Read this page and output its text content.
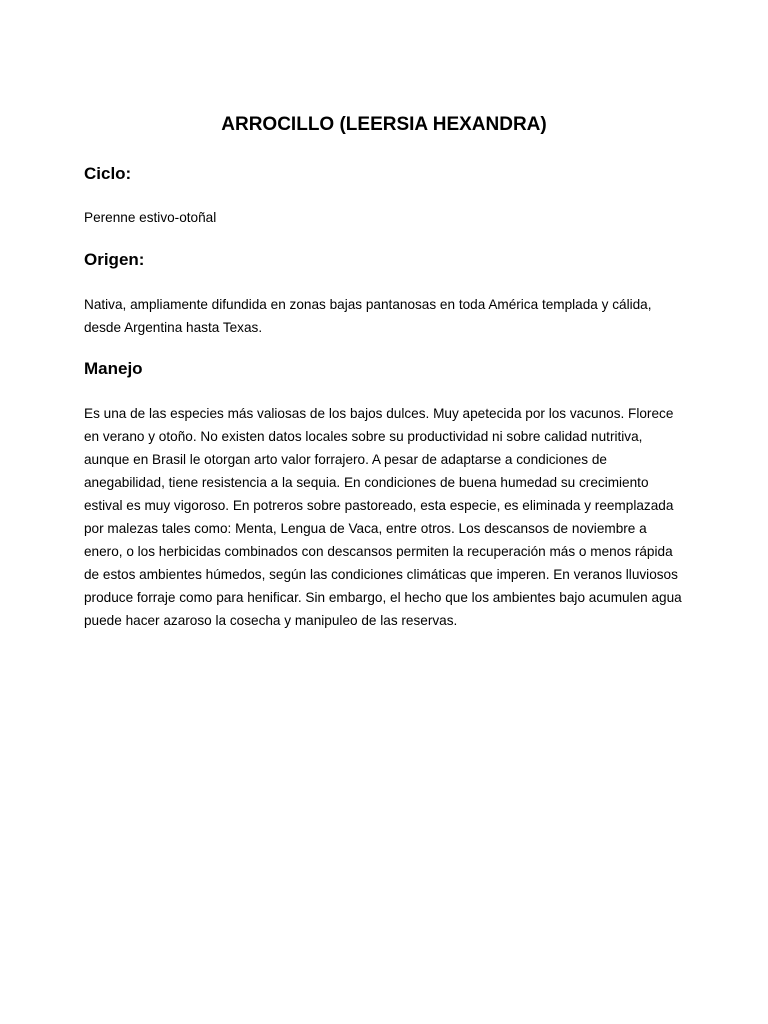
ARROCILLO (LEERSIA HEXANDRA)
Ciclo:

Perenne estivo-otoñal

Origen:

Nativa, ampliamente difundida en zonas bajas pantanosas en toda América templada y cálida, desde Argentina hasta Texas.

Manejo

Es una de las especies más valiosas de los bajos dulces. Muy apetecida por los vacunos. Florece en verano y otoño. No existen datos locales sobre su productividad ni sobre calidad nutritiva, aunque en Brasil le otorgan arto valor forrajero. A pesar de adaptarse a condiciones de anegabilidad, tiene resistencia a la sequia. En condiciones de buena humedad su crecimiento estival es muy vigoroso. En potreros sobre pastoreado, esta especie, es eliminada y reemplazada por malezas tales como: Menta, Lengua de Vaca, entre otros. Los descansos de noviembre a enero, o los herbicidas combinados con descansos permiten la recuperación más o menos rápida de estos ambientes húmedos, según las condiciones climáticas que imperen. En veranos lluviosos produce forraje como para henificar. Sin embargo, el hecho que los ambientes bajo acumulen agua puede hacer azaroso la cosecha y manipuleo de las reservas.
